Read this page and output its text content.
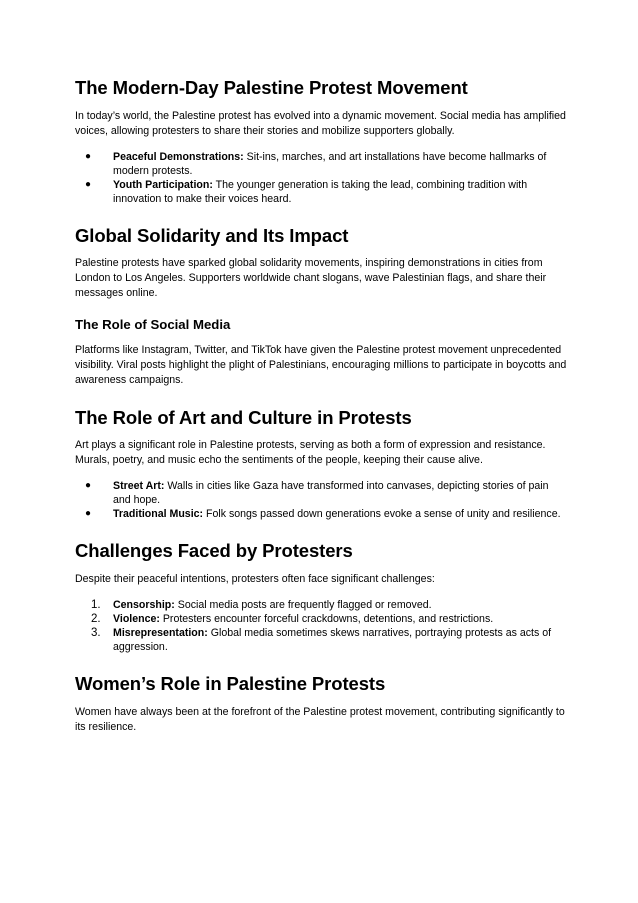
The Modern-Day Palestine Protest Movement

In today’s world, the Palestine protest has evolved into a dynamic movement. Social media has amplified voices, allowing protesters to share their stories and mobilize supporters globally.

● Peaceful Demonstrations: Sit-ins, marches, and art installations have become hallmarks of modern protests.
● Youth Participation: The younger generation is taking the lead, combining tradition with innovation to make their voices heard.
Global Solidarity and Its Impact

Palestine protests have sparked global solidarity movements, inspiring demonstrations in cities from London to Los Angeles. Supporters worldwide chant slogans, wave Palestinian flags, and share their messages online.

The Role of Social Media

Platforms like Instagram, Twitter, and TikTok have given the Palestine protest movement unprecedented visibility. Viral posts highlight the plight of Palestinians, encouraging millions to participate in boycotts and awareness campaigns.

The Role of Art and Culture in Protests

Art plays a significant role in Palestine protests, serving as both a form of expression and resistance. Murals, poetry, and music echo the sentiments of the people, keeping their cause alive.

● Street Art: Walls in cities like Gaza have transformed into canvases, depicting stories of pain and hope.
● Traditional Music: Folk songs passed down generations evoke a sense of unity and resilience.
Challenges Faced by Protesters

Despite their peaceful intentions, protesters often face significant challenges:

1. Censorship: Social media posts are frequently flagged or removed.
2. Violence: Protesters encounter forceful crackdowns, detentions, and restrictions.
3. Misrepresentation: Global media sometimes skews narratives, portraying protests as acts of aggression.
Women’s Role in Palestine Protests

Women have always been at the forefront of the Palestine protest movement, contributing significantly to its resilience.
